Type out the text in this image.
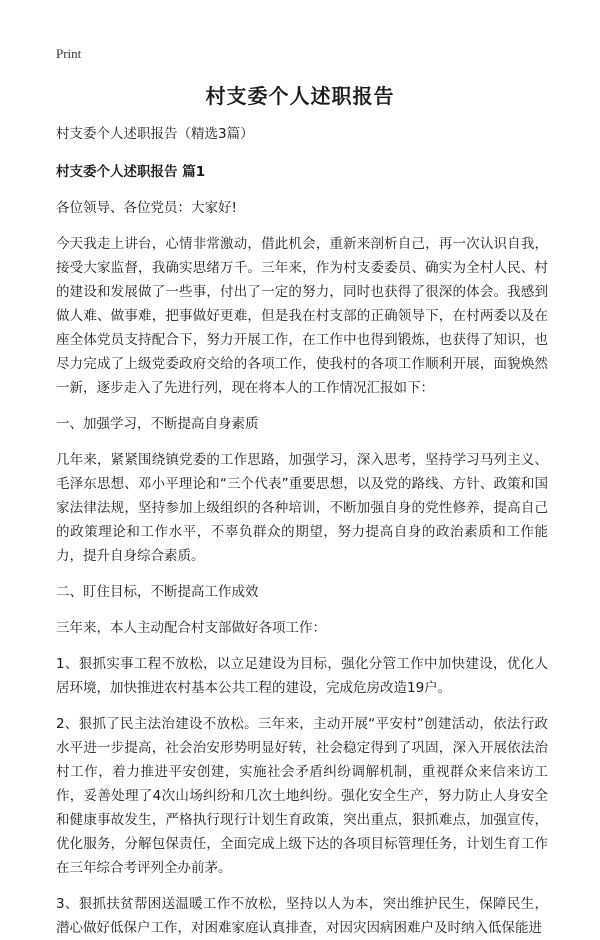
Print
村支委个人述职报告

村支委个人述职报告（精选3篇）

村支委个人述职报告 篇1

各位领导、各位党员：大家好!

今天我走上讲台，心情非常激动，借此机会，重新来剖析自己，再一次认识自我，接受大家监督，我确实思绪万千。三年来，作为村支委委员、确实为全村人民、村的建设和发展做了一些事，付出了一定的努力，同时也获得了很深的体会。我感到做人难、做事难，把事做好更难，但是我在村支部的正确领导下，在村两委以及在座全体党员支持配合下，努力开展工作，在工作中也得到锻炼，也获得了知识，也尽力完成了上级党委政府交给的各项工作，使我村的各项工作顺利开展，面貌焕然一新，逐步走入了先进行列，现在将本人的工作情况汇报如下：

一、加强学习，不断提高自身素质

几年来，紧紧围绕镇党委的工作思路，加强学习，深入思考，坚持学习马列主义、毛泽东思想、邓小平理论和“三个代表”重要思想，以及党的路线、方针、政策和国家法律法规，坚持参加上级组织的各种培训，不断加强自身的党性修养，提高自己的政策理论和工作水平，不辜负群众的期望，努力提高自身的政治素质和工作能力，提升自身综合素质。

二、盯住目标，不断提高工作成效

三年来，本人主动配合村支部做好各项工作：

1、狠抓实事工程不放松，以立足建设为目标，强化分管工作中加快建设，优化人居环境，加快推进农村基本公共工程的建设，完成危房改造19户。

2、狠抓了民主法治建设不放松。三年来，主动开展“平安村”创建活动，依法行政水平进一步提高，社会治安形势明显好转，社会稳定得到了巩固，深入开展依法治村工作，着力推进平安创建，实施社会矛盾纠纷调解机制，重视群众来信来访工作，妥善处理了4次山场纠纷和几次土地纠纷。强化安全生产，努力防止人身安全和健康事故发生，严格执行现行计划生育政策，突出重点，狠抓难点，加强宣传，优化服务，分解包保责任，全面完成上级下达的各项目标管理任务，计划生育工作在三年综合考评列全办前茅。

3、狠抓扶贫帮困送温暖工作不放松，坚持以人为本，突出维护民生，保障民生，潜心做好低保户工作，对困难家庭认真排查，对因灾因病困难户及时纳入低保能进
